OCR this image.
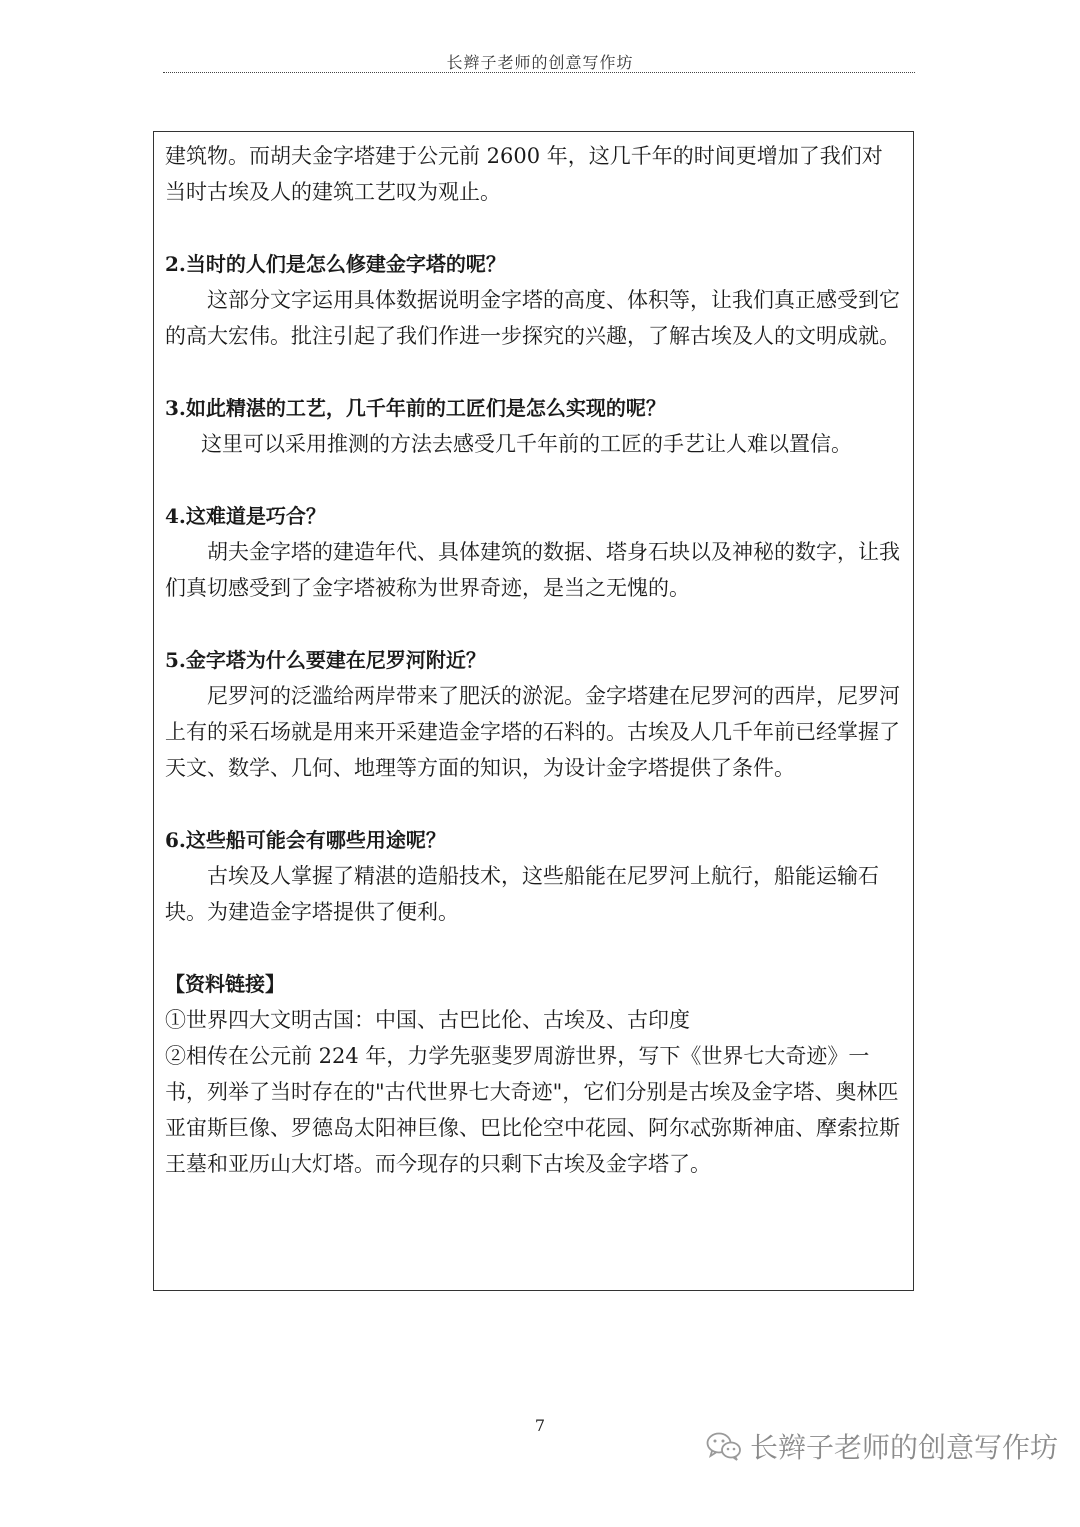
长辫子老师的创意写作坊

建筑物。而胡夫金字塔建于公元前 2600 年，这几千年的时间更增加了我们对当时古埃及人的建筑工艺叹为观止。

2.当时的人们是怎么修建金字塔的呢？

这部分文字运用具体数据说明金字塔的高度、体积等，让我们真正感受到它的高大宏伟。批注引起了我们作进一步探究的兴趣，了解古埃及人的文明成就。

3.如此精湛的工艺，几千年前的工匠们是怎么实现的呢？

这里可以采用推测的方法去感受几千年前的工匠的手艺让人难以置信。

4.这难道是巧合？

胡夫金字塔的建造年代、具体建筑的数据、塔身石块以及神秘的数字，让我们真切感受到了金字塔被称为世界奇迹，是当之无愧的。

5.金字塔为什么要建在尼罗河附近？

尼罗河的泛滥给两岸带来了肥沃的淤泥。金字塔建在尼罗河的西岸，尼罗河上有的采石场就是用来开采建造金字塔的石料的。古埃及人几千年前已经掌握了天文、数学、几何、地理等方面的知识，为设计金字塔提供了条件。

6.这些船可能会有哪些用途呢？

古埃及人掌握了精湛的造船技术，这些船能在尼罗河上航行，船能运输石块。为建造金字塔提供了便利。

【资料链接】

①世界四大文明古国：中国、古巴比伦、古埃及、古印度

②相传在公元前 224 年，力学先驱斐罗周游世界，写下《世界七大奇迹》一书，列举了当时存在的"古代世界七大奇迹"，它们分别是古埃及金字塔、奥林匹亚宙斯巨像、罗德岛太阳神巨像、巴比伦空中花园、阿尔忒弥斯神庙、摩索拉斯王墓和亚历山大灯塔。而今现存的只剩下古埃及金字塔了。

7
长辫子老师的创意写作坊
